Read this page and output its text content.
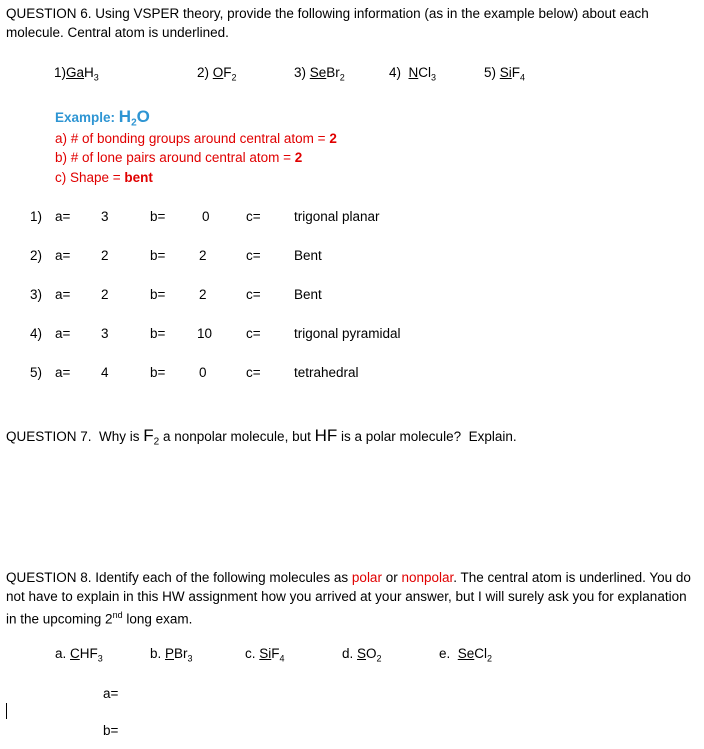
QUESTION 6. Using VSPER theory, provide the following information (as in the example below) about each molecule. Central atom is underlined.
1)GaH$_3$	2) $OF_2$	3) SeBr$_2$	4)  NCl$_3$	5) SiF$_4$
Example: $H_2O$
a) # of bonding groups around central atom = 2
b) # of lone pairs around central atom = 2
c) Shape = bent
1) a= 3	b=	0	c= trigonal planar
2) a= 2	b= 2	c= Bent
3) a= 2	b= 2	c= Bent
4) a= 3	b= 10	c= trigonal pyramidal
5) a= 4	b= 0	c= tetrahedral
QUESTION 7.  Why is $F_2$ a nonpolar molecule, but HF is a polar molecule?  Explain.
QUESTION 8. Identify each of the following molecules as polar or nonpolar. The central atom is underlined. You do not have to explain in this HW assignment how you arrived at your answer, but I will surely ask you for explanation in the upcoming 2nd long exam.
a. $CHF_3$	b. PBr$_3$	c. SiF$_4$	d. $SO_2$	e.  SeCl$_2$
a=
b=
